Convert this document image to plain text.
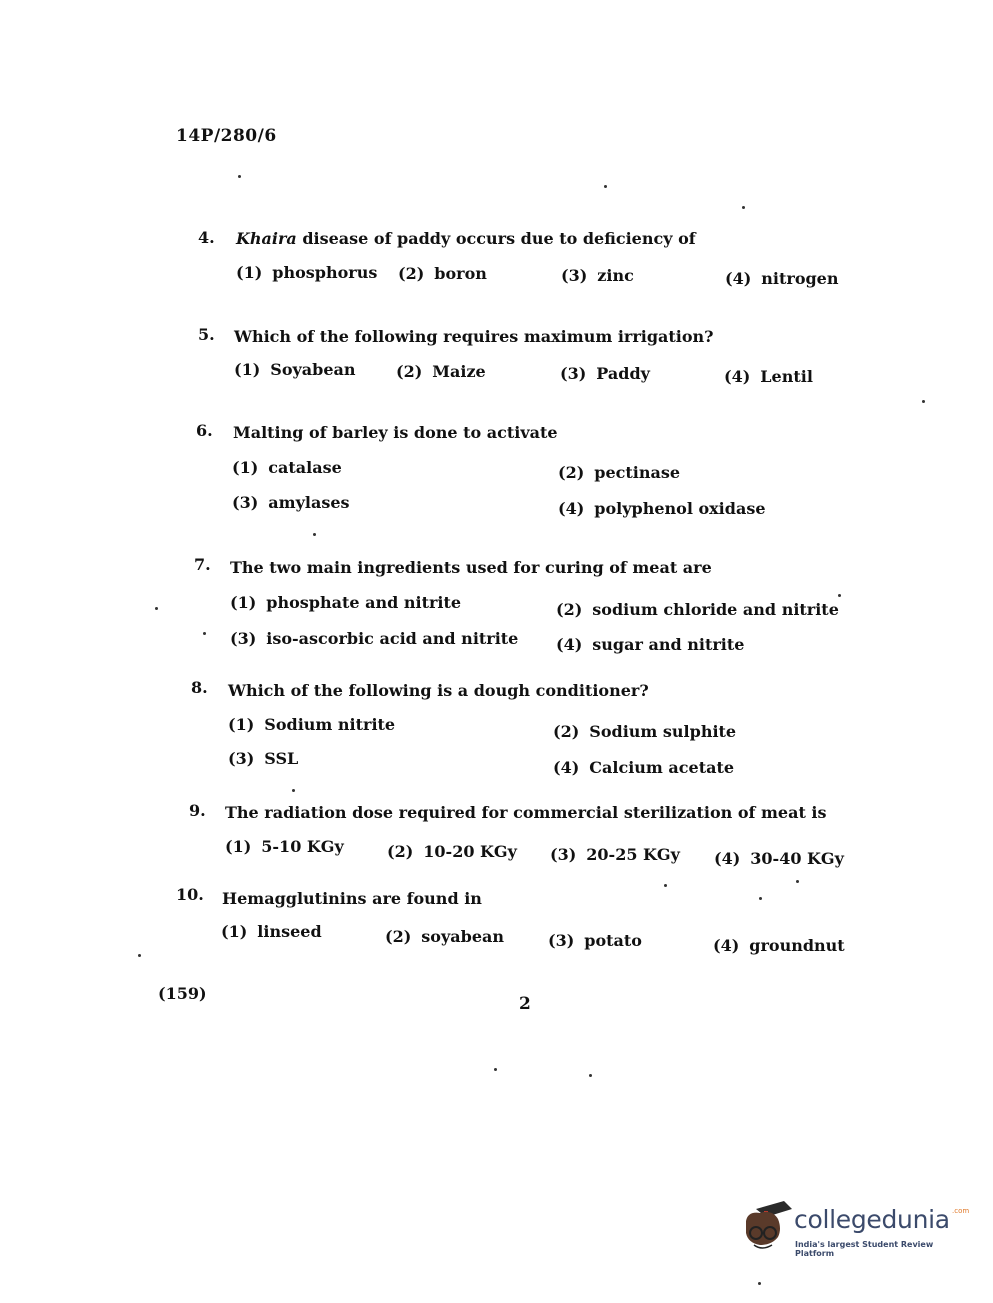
14P/280/6
4. Khaira disease of paddy occurs due to deficiency of
(1) phosphorus (2) boron	(3) zinc	(4) nitrogen
5. Which of the following requires maximum irrigation?
(1) Soyabean	(2) Maize	(3) Paddy	(4) Lentil
6. Malting of barley is done to activate
(1) catalase	(2) pectinase
(3) amylases	(4) polyphenol oxidase
7. The two main ingredients used for curing of meat are
(1) phosphate and nitrite	(2) sodium chloride and nitrite
(3) iso-ascorbic acid and nitrite (4) sugar and nitrite
8. Which of the following is a dough conditioner?
(1) Sodium nitrite	(2) Sodium sulphite
(3) SSL	(4) Calcium acetate
9. The radiation dose required for commercial sterilization of meat is
(1) 5-10 KGy	(2) 10-20 KGy (3) 20-25 KGy (4) 30-40 KGy
10. Hemagglutinins are found in
(1) linseed	(2) soyabean	(3) potato	(4) groundnut
(159)
2
collegedunia .com
India's largest Student Review Platform
